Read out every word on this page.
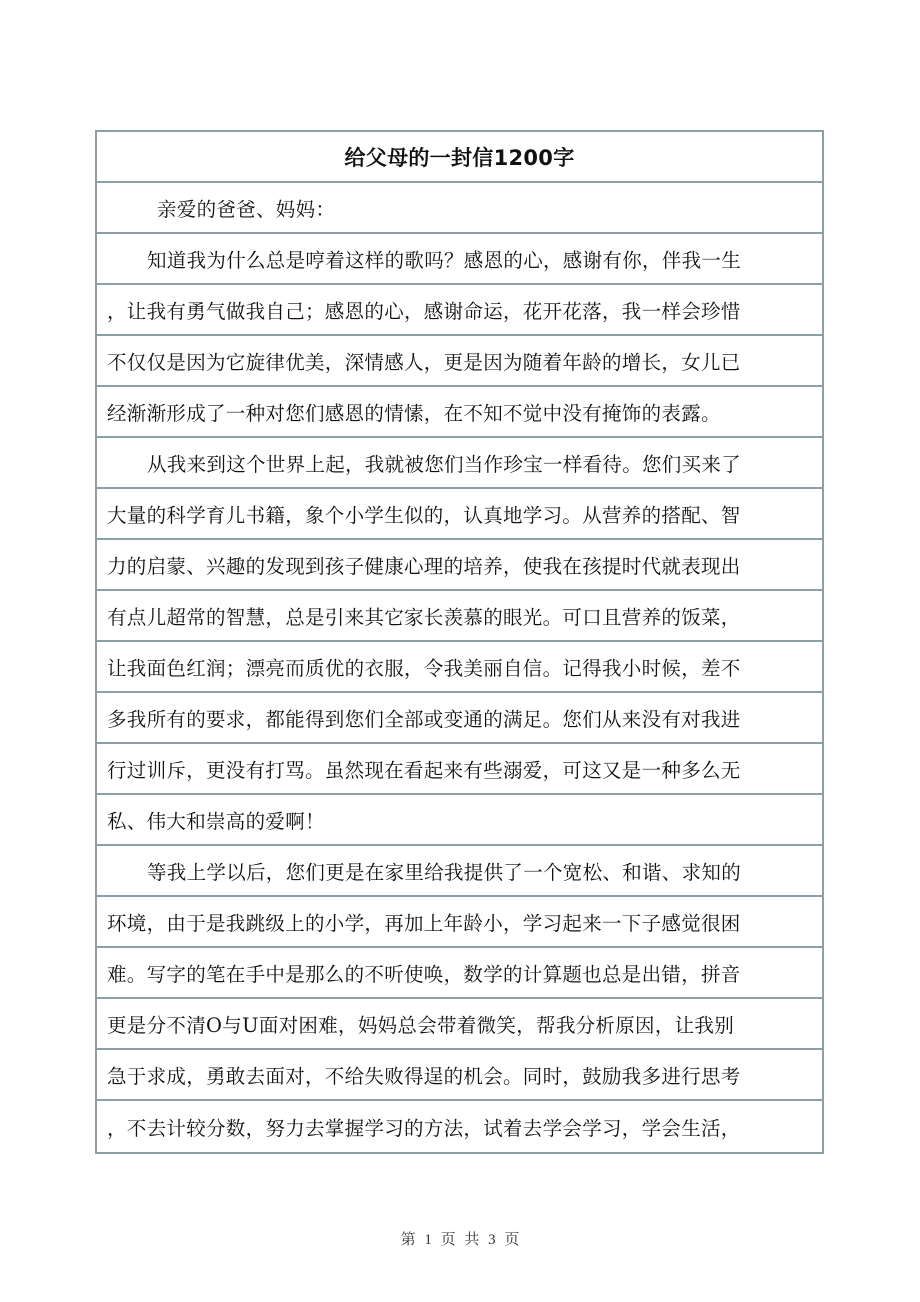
给父母的一封信1200字
亲爱的爸爸、妈妈：
知道我为什么总是哼着这样的歌吗？感恩的心，感谢有你，伴我一生
，让我有勇气做我自己；感恩的心，感谢命运，花开花落，我一样会珍惜
不仅仅是因为它旋律优美，深情感人，更是因为随着年龄的增长，女儿已
经渐渐形成了一种对您们感恩的情愫，在不知不觉中没有掩饰的表露。
从我来到这个世界上起，我就被您们当作珍宝一样看待。您们买来了
大量的科学育儿书籍，象个小学生似的，认真地学习。从营养的搭配、智
力的启蒙、兴趣的发现到孩子健康心理的培养，使我在孩提时代就表现出
有点儿超常的智慧，总是引来其它家长羡慕的眼光。可口且营养的饭菜，
让我面色红润；漂亮而质优的衣服，令我美丽自信。记得我小时候，差不
多我所有的要求，都能得到您们全部或变通的满足。您们从来没有对我进
行过训斥，更没有打骂。虽然现在看起来有些溺爱，可这又是一种多么无
私、伟大和崇高的爱啊！
等我上学以后，您们更是在家里给我提供了一个宽松、和谐、求知的
环境，由于是我跳级上的小学，再加上年龄小，学习起来一下子感觉很困
难。写字的笔在手中是那么的不听使唤，数学的计算题也总是出错，拼音
更是分不清O与U面对困难，妈妈总会带着微笑，帮我分析原因，让我别
急于求成，勇敢去面对，不给失败得逞的机会。同时，鼓励我多进行思考
，不去计较分数，努力去掌握学习的方法，试着去学会学习，学会生活，
第 1 页 共 3 页
